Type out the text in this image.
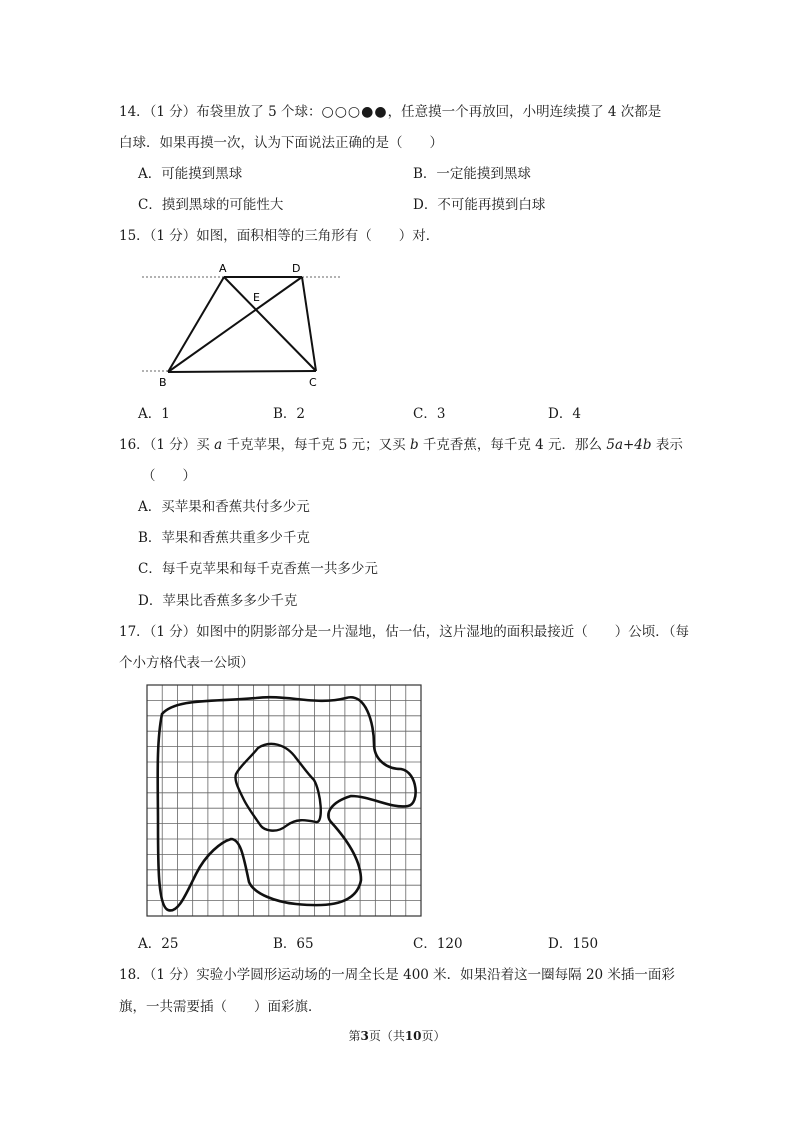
14．（1 分）布袋里放了 5 个球：○○○●●，任意摸一个再放回，小明连续摸了 4 次都是
白球．如果再摸一次，认为下面说法正确的是（　　）
A．可能摸到黑球	B．一定能摸到黑球
C．摸到黑球的可能性大	D．不可能再摸到白球
15．（1 分）如图，面积相等的三角形有（　　）对．
A	D
E
B	C
A．1	B．2	C．3	D．4
16．（1 分）买 a 千克苹果，每千克 5 元；又买 b 千克香蕉，每千克 4 元．那么 5a+4b 表示
（　　）
A．买苹果和香蕉共付多少元
B．苹果和香蕉共重多少千克
C．每千克苹果和每千克香蕉一共多少元
D．苹果比香蕉多多少千克
17．（1 分）如图中的阴影部分是一片湿地，估一估，这片湿地的面积最接近（　　）公顷．（每
个小方格代表一公顷）
A．25	B．65	C．120	D．150
18．（1 分）实验小学圆形运动场的一周全长是 400 米．如果沿着这一圈每隔 20 米插一面彩
旗，一共需要插（　　）面彩旗．
第3页（共10页）
